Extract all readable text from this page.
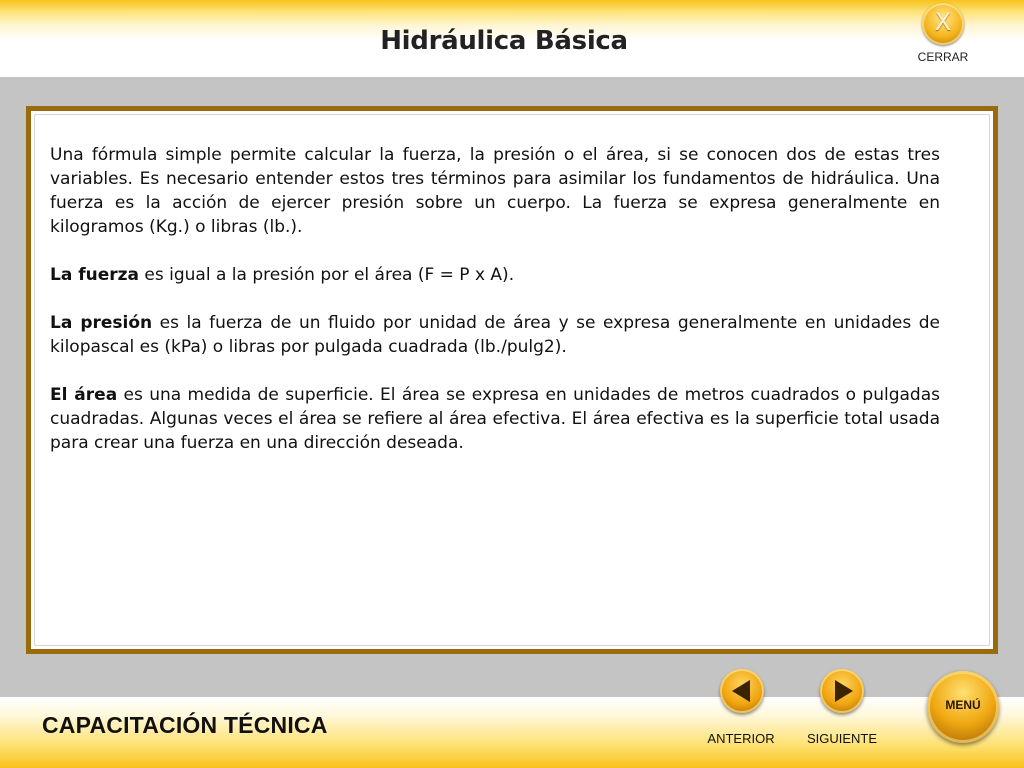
Hidráulica Básica
X
CERRAR

Una fórmula simple permite calcular la fuerza, la presión o el área, si se conocen dos de estas tres variables. Es necesario entender estos tres términos para asimilar los fundamentos de hidráulica. Una fuerza es la acción de ejercer presión sobre un cuerpo. La fuerza se expresa generalmente en kilogramos (Kg.) o libras (lb.).

La fuerza es igual a la presión por el área (F = P x A).

La presión es la fuerza de un fluido por unidad de área y se expresa generalmente en unidades de kilopascal es (kPa) o libras por pulgada cuadrada (lb./pulg2).

El área es una medida de superficie. El área se expresa en unidades de metros cuadrados o pulgadas cuadradas. Algunas veces el área se refiere al área efectiva. El área efectiva es la superficie total usada para crear una fuerza en una dirección deseada.

CAPACITACIÓN TÉCNICA
ANTERIOR	SIGUIENTE
MENÚ
